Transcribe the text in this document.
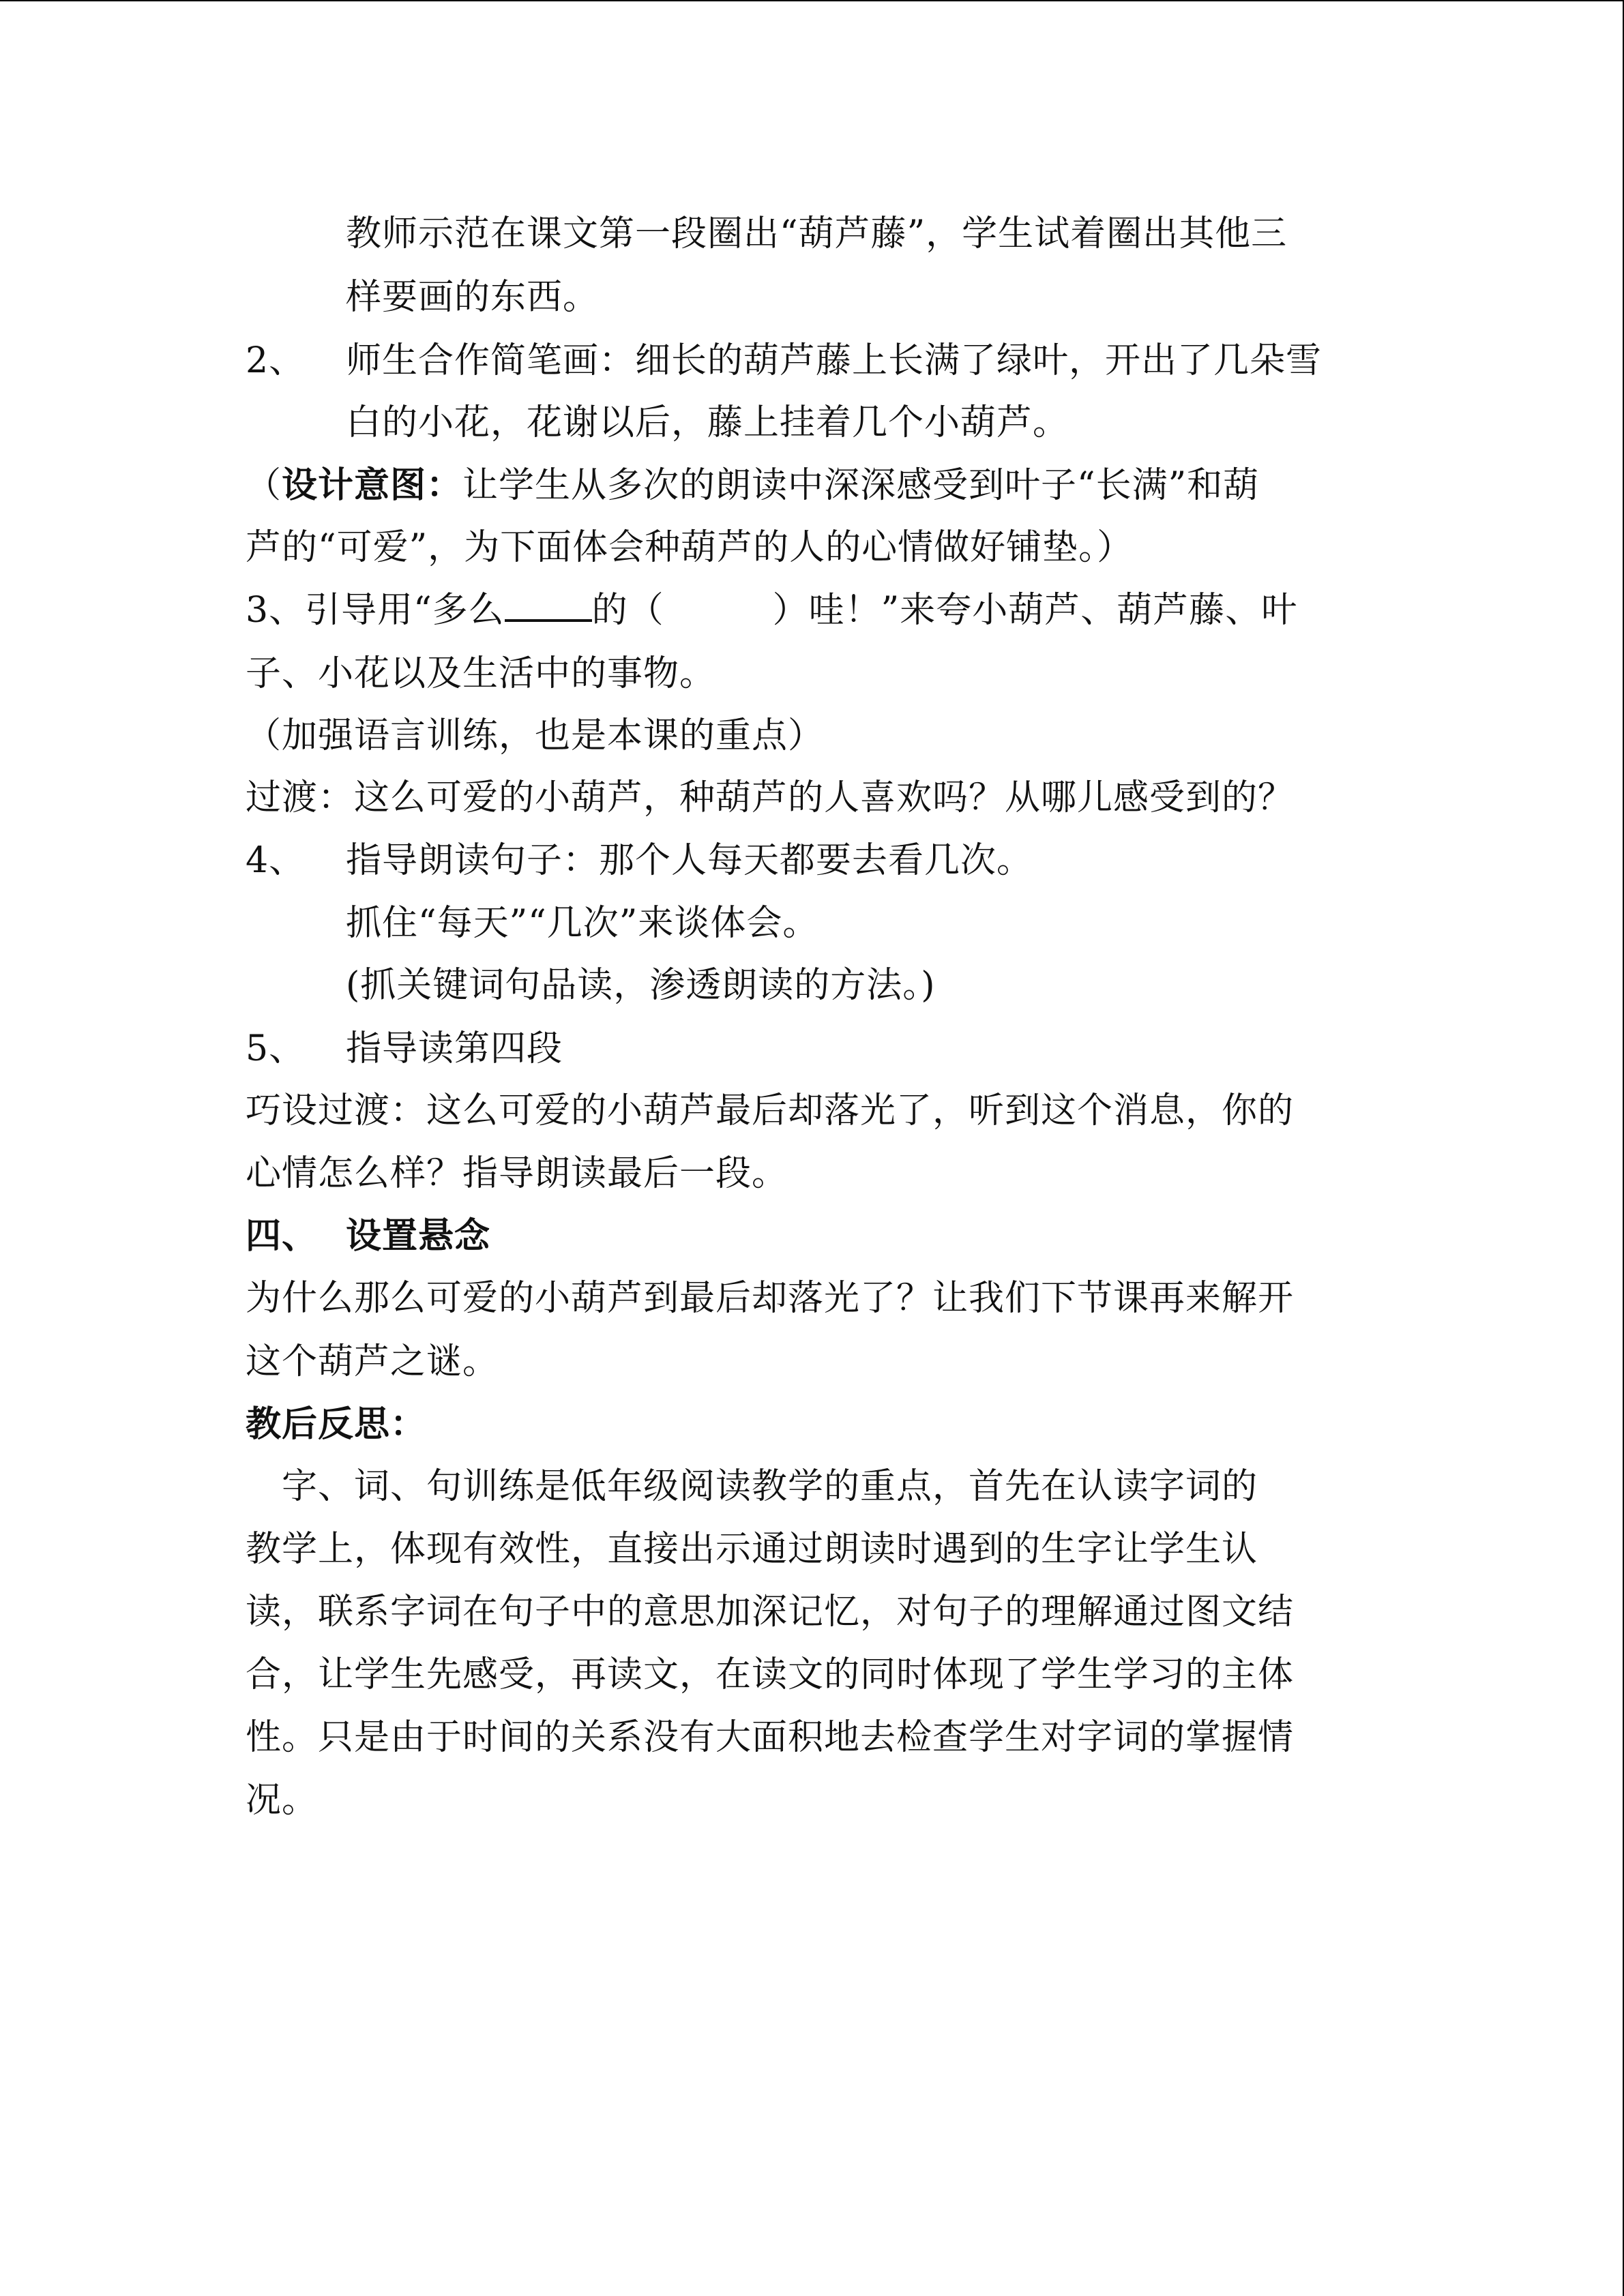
教师示范在课文第一段圈出“葫芦藤”，学生试着圈出其他三
样要画的东西。
2、 师生合作简笔画：细长的葫芦藤上长满了绿叶，开出了几朵雪
白的小花，花谢以后，藤上挂着几个小葫芦。
（设计意图：让学生从多次的朗读中深深感受到叶子“长满”和葫
芦的“可爱”，为下面体会种葫芦的人的心情做好铺垫。）
3、引导用“多么 的（　　　）哇！”来夸小葫芦、葫芦藤、叶
子、小花以及生活中的事物。
（加强语言训练，也是本课的重点）
过渡：这么可爱的小葫芦，种葫芦的人喜欢吗？从哪儿感受到的？
4、 指导朗读句子：那个人每天都要去看几次。
抓住“每天”“几次”来谈体会。
(抓关键词句品读，渗透朗读的方法。)
5、 指导读第四段
巧设过渡：这么可爱的小葫芦最后却落光了，听到这个消息，你的
心情怎么样？指导朗读最后一段。
四、 设置悬念
为什么那么可爱的小葫芦到最后却落光了？让我们下节课再来解开
这个葫芦之谜。
教后反思：
　字、词、句训练是低年级阅读教学的重点，首先在认读字词的
教学上，体现有效性，直接出示通过朗读时遇到的生字让学生认
读，联系字词在句子中的意思加深记忆，对句子的理解通过图文结
合，让学生先感受，再读文，在读文的同时体现了学生学习的主体
性。只是由于时间的关系没有大面积地去检查学生对字词的掌握情
况。
